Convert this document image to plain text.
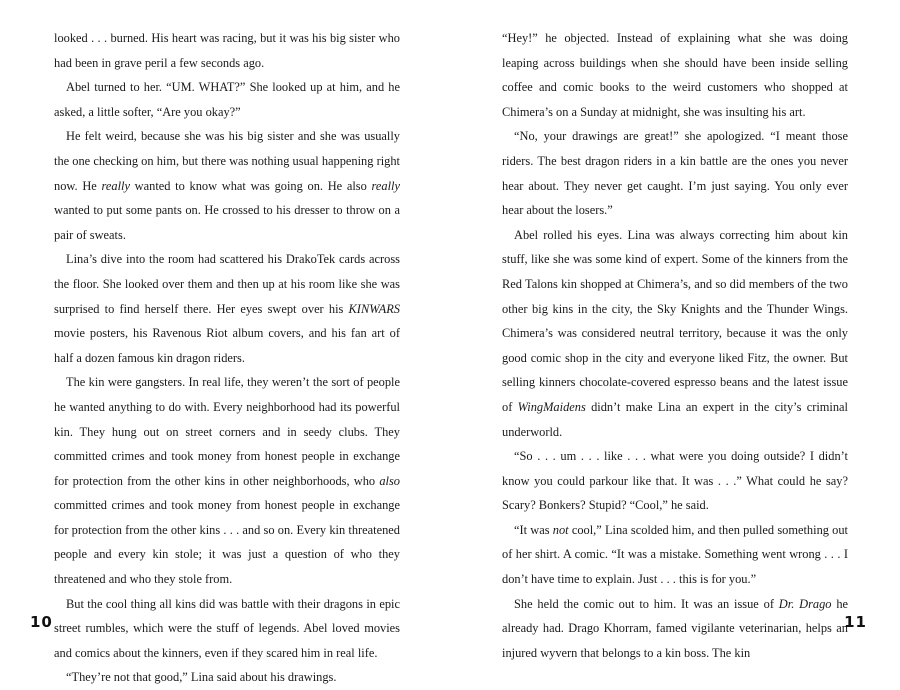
looked . . . burned. His heart was racing, but it was his big sister who had been in grave peril a few seconds ago.

Abel turned to her. “UM. WHAT?” She looked up at him, and he asked, a little softer, “Are you okay?”

He felt weird, because she was his big sister and she was usually the one checking on him, but there was nothing usual happening right now. He really wanted to know what was going on. He also really wanted to put some pants on. He crossed to his dresser to throw on a pair of sweats.

Lina’s dive into the room had scattered his DrakoTek cards across the floor. She looked over them and then up at his room like she was surprised to find herself there. Her eyes swept over his KINWARS movie posters, his Ravenous Riot album covers, and his fan art of half a dozen famous kin dragon riders.

The kin were gangsters. In real life, they weren’t the sort of people he wanted anything to do with. Every neighborhood had its powerful kin. They hung out on street corners and in seedy clubs. They committed crimes and took money from honest people in exchange for protection from the other kins in other neighborhoods, who also committed crimes and took money from honest people in exchange for protection from the other kins . . . and so on. Every kin threatened people and every kin stole; it was just a question of who they threatened and who they stole from.

But the cool thing all kins did was battle with their dragons in epic street rumbles, which were the stuff of legends. Abel loved movies and comics about the kinners, even if they scared him in real life.

“They’re not that good,” Lina said about his drawings.

“Hey!” he objected. Instead of explaining what she was doing leaping across buildings when she should have been inside selling coffee and comic books to the weird customers who shopped at Chimera’s on a Sunday at midnight, she was insulting his art.

“No, your drawings are great!” she apologized. “I meant those riders. The best dragon riders in a kin battle are the ones you never hear about. They never get caught. I’m just saying. You only ever hear about the losers.”

Abel rolled his eyes. Lina was always correcting him about kin stuff, like she was some kind of expert. Some of the kinners from the Red Talons kin shopped at Chimera’s, and so did members of the two other big kins in the city, the Sky Knights and the Thunder Wings. Chimera’s was considered neutral territory, because it was the only good comic shop in the city and everyone liked Fitz, the owner. But selling kinners chocolate-covered espresso beans and the latest issue of WingMaidens didn’t make Lina an expert in the city’s criminal underworld.

“So . . . um . . . like . . . what were you doing outside? I didn’t know you could parkour like that. It was . . .” What could he say? Scary? Bonkers? Stupid? “Cool,” he said.

“It was not cool,” Lina scolded him, and then pulled something out of her shirt. A comic. “It was a mistake. Something went wrong . . . I don’t have time to explain. Just . . . this is for you.”

She held the comic out to him. It was an issue of Dr. Drago he already had. Drago Khorram, famed vigilante veterinarian, helps an injured wyvern that belongs to a kin boss. The kin

10	11
